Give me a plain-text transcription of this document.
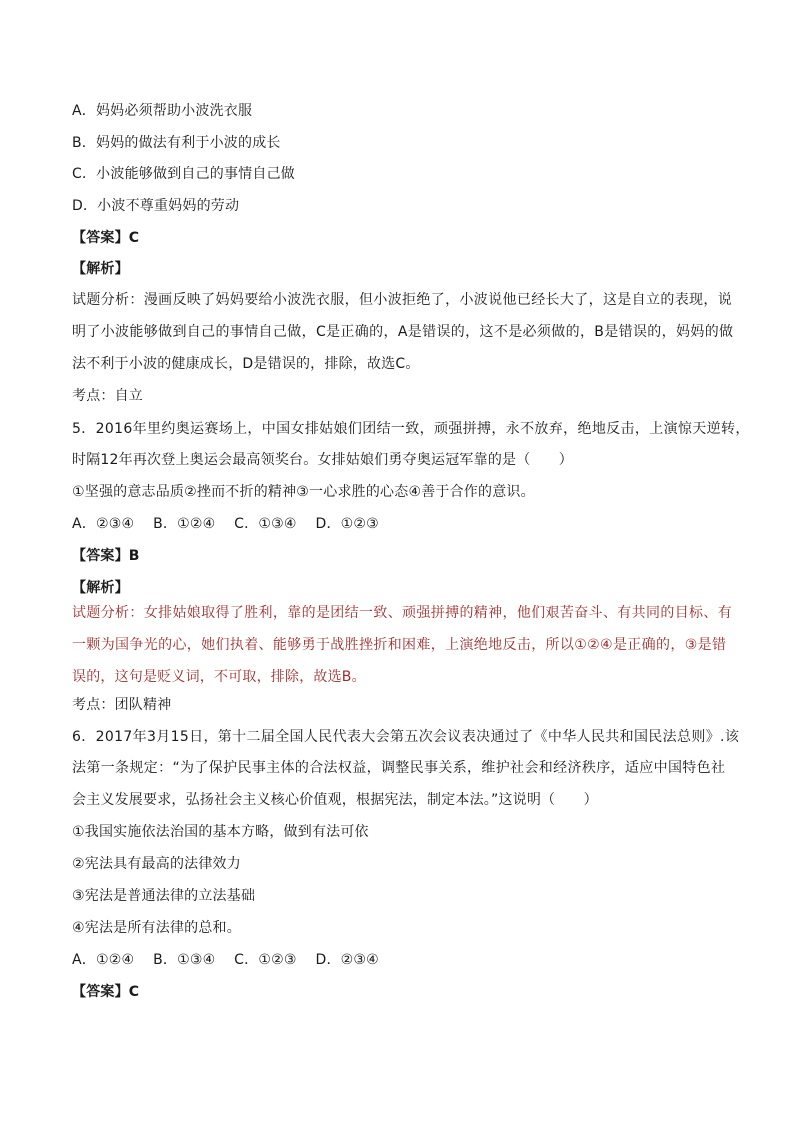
A．妈妈必须帮助小波洗衣服
B．妈妈的做法有利于小波的成长
C．小波能够做到自己的事情自己做
D．小波不尊重妈妈的劳动
【答案】C
【解析】
试题分析：漫画反映了妈妈要给小波洗衣服，但小波拒绝了，小波说他已经长大了，这是自立的表现，说
明了小波能够做到自己的事情自己做，C是正确的，A是错误的，这不是必须做的，B是错误的，妈妈的做
法不利于小波的健康成长，D是错误的，排除，故选C。
考点：自立
5．2016年里约奥运赛场上，中国女排姑娘们团结一致，顽强拼搏，永不放弃，绝地反击，上演惊天逆转，
时隔12年再次登上奥运会最高领奖台。女排姑娘们勇夺奥运冠军靠的是（　　）
①坚强的意志品质②挫而不折的精神③一心求胜的心态④善于合作的意识。
A．②③④　 B．①②④　 C．①③④　 D．①②③
【答案】B
【解析】
试题分析：女排姑娘取得了胜利，靠的是团结一致、顽强拼搏的精神，他们艰苦奋斗、有共同的目标、有
一颗为国争光的心，她们执着、能够勇于战胜挫折和困难，上演绝地反击，所以①②④是正确的，③是错
误的，这句是贬义词，不可取，排除，故选B。
考点：团队精神
6．2017年3月15日，第十二届全国人民代表大会第五次会议表决通过了《中华人民共和国民法总则》.该
法第一条规定：“为了保护民事主体的合法权益，调整民事关系，维护社会和经济秩序，适应中国特色社
会主义发展要求，弘扬社会主义核心价值观，根据宪法，制定本法。”这说明（　　）
①我国实施依法治国的基本方略，做到有法可依
②宪法具有最高的法律效力
③宪法是普通法律的立法基础
④宪法是所有法律的总和。
A．①②④　 B．①③④　 C．①②③　 D．②③④
【答案】C
